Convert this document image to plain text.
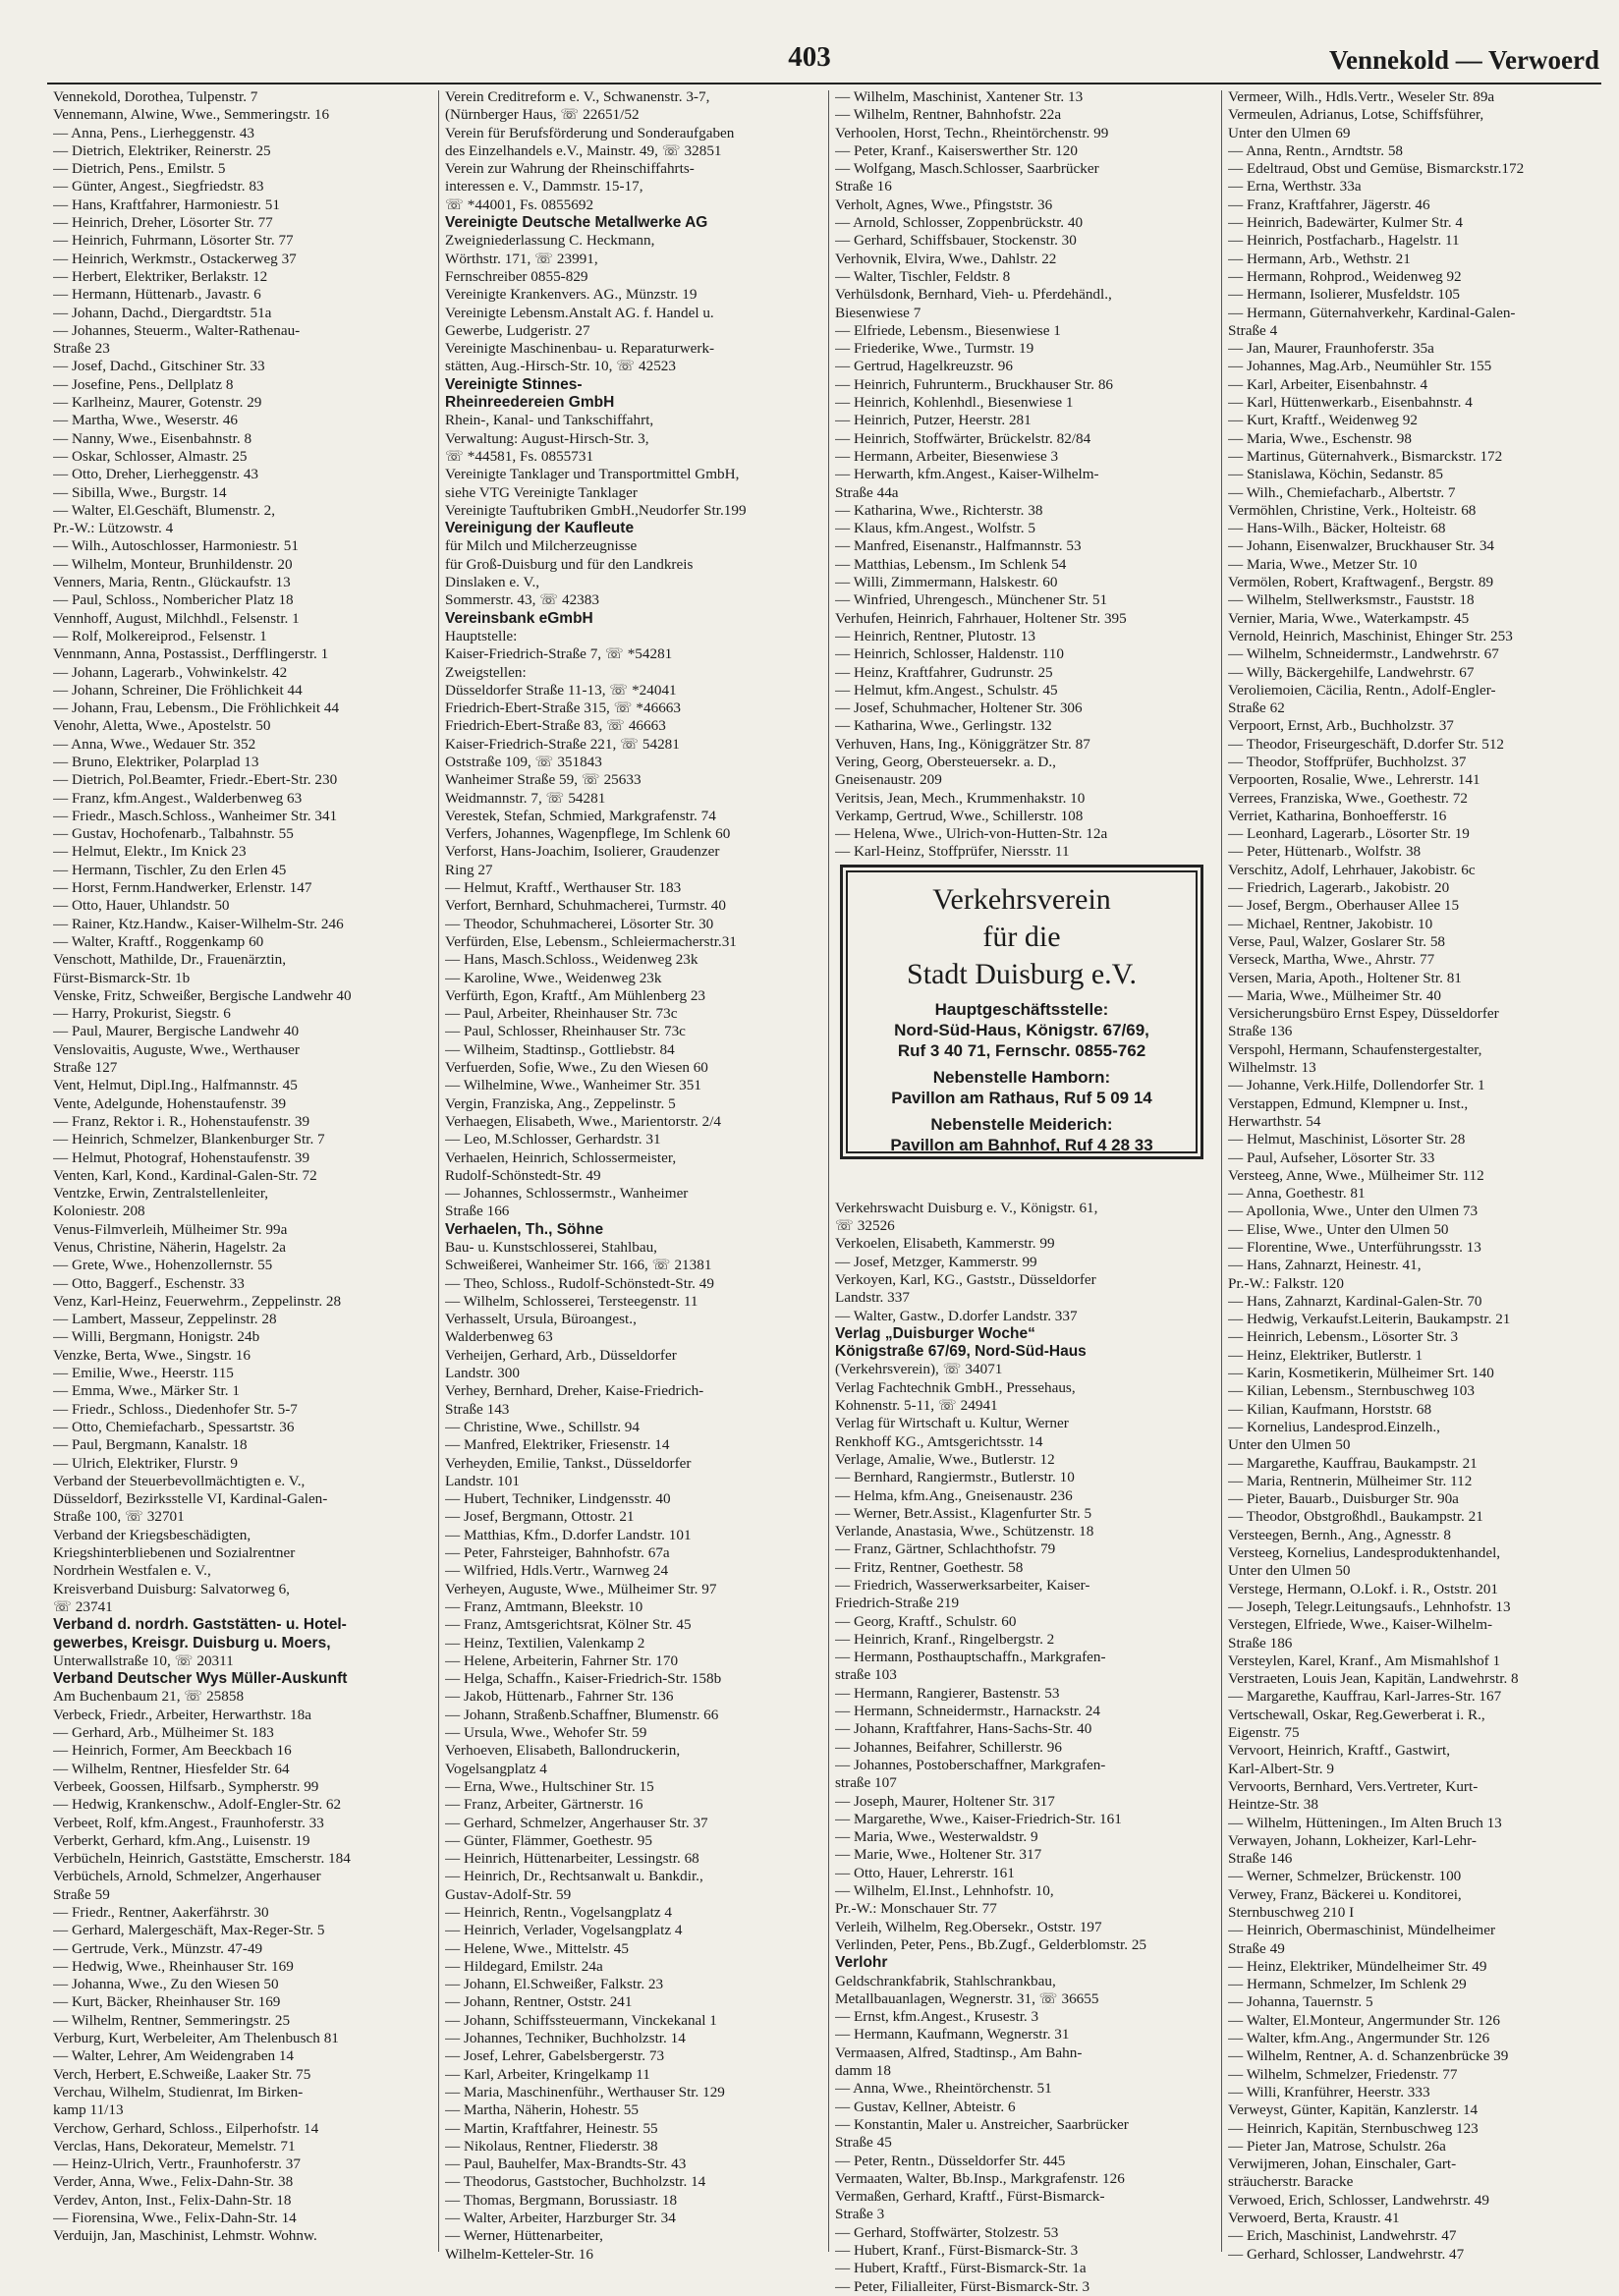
403	Vennekold — Verwoerd
Vennekold, Dorothea, Tulpenstr. 7
Vennemann, Alwine, Wwe., Semmeringstr. 16
— Anna, Pens., Lierheggenstr. 43
— Dietrich, Elektriker, Reinerstr. 25
— Dietrich, Pens., Emilstr. 5
— Günter, Angest., Siegfriedstr. 83
— Hans, Kraftfahrer, Harmoniestr. 51
— Heinrich, Dreher, Lösorter Str. 77
— Heinrich, Fuhrmann, Lösorter Str. 77
— Heinrich, Werkmstr., Ostackerweg 37
— Herbert, Elektriker, Berlakstr. 12
— Hermann, Hüttenarb., Javastr. 6
— Johann, Dachd., Diergardtstr. 51a
— Johannes, Steuerm., Walter-Rathenau-
Straße 23
— Josef, Dachd., Gitschiner Str. 33
— Josefine, Pens., Dellplatz 8
— Karlheinz, Maurer, Gotenstr. 29
— Martha, Wwe., Weserstr. 46
— Nanny, Wwe., Eisenbahnstr. 8
— Oskar, Schlosser, Almastr. 25
— Otto, Dreher, Lierheggenstr. 43
— Sibilla, Wwe., Burgstr. 14
— Walter, El.Geschäft, Blumenstr. 2,
Pr.-W.: Lützowstr. 4
— Wilh., Autoschlosser, Harmoniestr. 51
— Wilhelm, Monteur, Brunhildenstr. 20
Venners, Maria, Rentn., Glückaufstr. 13
— Paul, Schloss., Nombericher Platz 18
Vennhoff, August, Milchhdl., Felsenstr. 1
— Rolf, Molkereiprod., Felsenstr. 1
Vennmann, Anna, Postassist., Derfflingerstr. 1
— Johann, Lagerarb., Vohwinkelstr. 42
— Johann, Schreiner, Die Fröhlichkeit 44
— Johann, Frau, Lebensm., Die Fröhlichkeit 44
Venohr, Aletta, Wwe., Apostelstr. 50
— Anna, Wwe., Wedauer Str. 352
— Bruno, Elektriker, Polarplad 13
— Dietrich, Pol.Beamter, Friedr.-Ebert-Str. 230
— Franz, kfm.Angest., Walderbenweg 63
— Friedr., Masch.Schloss., Wanheimer Str. 341
— Gustav, Hochofenarb., Talbahnstr. 55
— Helmut, Elektr., Im Knick 23
— Hermann, Tischler, Zu den Erlen 45
— Horst, Fernm.Handwerker, Erlenstr. 147
— Otto, Hauer, Uhlandstr. 50
— Rainer, Ktz.Handw., Kaiser-Wilhelm-Str. 246
— Walter, Kraftf., Roggenkamp 60
Venschott, Mathilde, Dr., Frauenärztin,
Fürst-Bismarck-Str. 1b
Venske, Fritz, Schweißer, Bergische Landwehr 40
— Harry, Prokurist, Siegstr. 6
— Paul, Maurer, Bergische Landwehr 40
Venslovaitis, Auguste, Wwe., Werthauser
Straße 127
Vent, Helmut, Dipl.Ing., Halfmannstr. 45
Vente, Adelgunde, Hohenstaufenstr. 39
— Franz, Rektor i. R., Hohenstaufenstr. 39
— Heinrich, Schmelzer, Blankenburger Str. 7
— Helmut, Photograf, Hohenstaufenstr. 39
Venten, Karl, Kond., Kardinal-Galen-Str. 72
Ventzke, Erwin, Zentralstellenleiter,
Koloniestr. 208
Venus-Filmverleih, Mülheimer Str. 99a
Venus, Christine, Näherin, Hagelstr. 2a
— Grete, Wwe., Hohenzollernstr. 55
— Otto, Baggerf., Eschenstr. 33
Venz, Karl-Heinz, Feuerwehrm., Zeppelinstr. 28
— Lambert, Masseur, Zeppelinstr. 28
— Willi, Bergmann, Honigstr. 24b
Venzke, Berta, Wwe., Singstr. 16
— Emilie, Wwe., Heerstr. 115
— Emma, Wwe., Märker Str. 1
— Friedr., Schloss., Diedenhofer Str. 5-7
— Otto, Chemiefacharb., Spessartstr. 36
— Paul, Bergmann, Kanalstr. 18
— Ulrich, Elektriker, Flurstr. 9
Verband der Steuerbevollmächtigten e. V.,
Düsseldorf, Bezirksstelle VI, Kardinal-Galen-
Straße 100, ☏ 32701
Verband der Kriegsbeschädigten,
Kriegshinterbliebenen und Sozialrentner
Nordrhein Westfalen e. V.,
Kreisverband Duisburg: Salvatorweg 6,
☏ 23741
Verband d. nordrh. Gaststätten- u. Hotel-
gewerbes, Kreisgr. Duisburg u. Moers,
Unterwallstraße 10, ☏ 20311
Verband Deutscher Wys Müller-Auskunft
Am Buchenbaum 21, ☏ 25858
Verbeck, Friedr., Arbeiter, Herwarthstr. 18a
— Gerhard, Arb., Mülheimer St. 183
— Heinrich, Former, Am Beeckbach 16
— Wilhelm, Rentner, Hiesfelder Str. 64
Verbeek, Goossen, Hilfsarb., Sympherstr. 99
— Hedwig, Krankenschw., Adolf-Engler-Str. 62
Verbeet, Rolf, kfm.Angest., Fraunhoferstr. 33
Verberkt, Gerhard, kfm.Ang., Luisenstr. 19
Verbücheln, Heinrich, Gaststätte, Emscherstr. 184
Verbüchels, Arnold, Schmelzer, Angerhauser
Straße 59
— Friedr., Rentner, Aakerfährstr. 30
— Gerhard, Malergeschäft, Max-Reger-Str. 5
— Gertrude, Verk., Münzstr. 47-49
— Hedwig, Wwe., Rheinhauser Str. 169
— Johanna, Wwe., Zu den Wiesen 50
— Kurt, Bäcker, Rheinhauser Str. 169
— Wilhelm, Rentner, Semmeringstr. 25
Verburg, Kurt, Werbeleiter, Am Thelenbusch 81
— Walter, Lehrer, Am Weidengraben 14
Verch, Herbert, E.Schweiße, Laaker Str. 75
Verchau, Wilhelm, Studienrat, Im Birken-
kamp 11/13
Verchow, Gerhard, Schloss., Eilperhofstr. 14
Verclas, Hans, Dekorateur, Memelstr. 71
— Heinz-Ulrich, Vertr., Fraunhoferstr. 37
Verder, Anna, Wwe., Felix-Dahn-Str. 38
Verdev, Anton, Inst., Felix-Dahn-Str. 18
— Fiorensina, Wwe., Felix-Dahn-Str. 14
Verduijn, Jan, Maschinist, Lehmstr. Wohnw.
Verein Creditreform e. V., Schwanenstr. 3-7,
(Nürnberger Haus, ☏ 22651/52
Verein für Berufsförderung und Sonderaufgaben
des Einzelhandels e.V., Mainstr. 49, ☏ 32851
Verein zur Wahrung der Rheinschiffahrts-
interessen e. V., Dammstr. 15-17,
☏ *44001, Fs. 0855692
Vereinigte Deutsche Metallwerke AG
Zweigniederlassung C. Heckmann,
Wörthstr. 171, ☏ 23991,
Fernschreiber 0855-829
Vereinigte Krankenvers. AG., Münzstr. 19
Vereinigte Lebensm.Anstalt AG. f. Handel u.
Gewerbe, Ludgeristr. 27
Vereinigte Maschinenbau- u. Reparaturwerk-
stätten, Aug.-Hirsch-Str. 10, ☏ 42523
Vereinigte Stinnes-
Rheinreedereien GmbH
Rhein-, Kanal- und Tankschiffahrt,
Verwaltung: August-Hirsch-Str. 3,
☏ *44581, Fs. 0855731
Vereinigte Tanklager und Transportmittel GmbH,
siehe VTG Vereinigte Tanklager
Vereinigte Tauftubriken GmbH.,Neudorfer Str.199
Vereinigung der Kaufleute
für Milch und Milcherzeugnisse
für Groß-Duisburg und für den Landkreis
Dinslaken e. V.,
Sommerstr. 43, ☏ 42383
Vereinsbank eGmbH
Hauptstelle:
Kaiser-Friedrich-Straße 7, ☏ *54281
Zweigstellen:
Düsseldorfer Straße 11-13, ☏ *24041
Friedrich-Ebert-Straße 315, ☏ *46663
Friedrich-Ebert-Straße 83, ☏ 46663
Kaiser-Friedrich-Straße 221, ☏ 54281
Oststraße 109, ☏ 351843
Wanheimer Straße 59, ☏ 25633
Weidmannstr. 7, ☏ 54281
Verestek, Stefan, Schmied, Markgrafenstr. 74
Verfers, Johannes, Wagenpflege, Im Schlenk 60
Verforst, Hans-Joachim, Isolierer, Graudenzer
Ring 27
— Helmut, Kraftf., Werthauser Str. 183
Verfort, Bernhard, Schuhmacherei, Turmstr. 40
— Theodor, Schuhmacherei, Lösorter Str. 30
Verfürden, Else, Lebensm., Schleiermacherstr.31
— Hans, Masch.Schloss., Weidenweg 23k
— Karoline, Wwe., Weidenweg 23k
Verfürth, Egon, Kraftf., Am Mühlenberg 23
— Paul, Arbeiter, Rheinhauser Str. 73c
— Paul, Schlosser, Rheinhauser Str. 73c
— Wilheim, Stadtinsp., Gottliebstr. 84
Verfuerden, Sofie, Wwe., Zu den Wiesen 60
— Wilhelmine, Wwe., Wanheimer Str. 351
Vergin, Franziska, Ang., Zeppelinstr. 5
Verhaegen, Elisabeth, Wwe., Marientorstr. 2/4
— Leo, M.Schlosser, Gerhardstr. 31
Verhaelen, Heinrich, Schlossermeister,
Rudolf-Schönstedt-Str. 49
— Johannes, Schlossermstr., Wanheimer
Straße 166
Verhaelen, Th., Söhne
Bau- u. Kunstschlosserei, Stahlbau,
Schweißerei, Wanheimer Str. 166, ☏ 21381
— Theo, Schloss., Rudolf-Schönstedt-Str. 49
— Wilhelm, Schlosserei, Tersteegenstr. 11
Verhasselt, Ursula, Büroangest.,
Walderbenweg 63
Verheijen, Gerhard, Arb., Düsseldorfer
Landstr. 300
Verhey, Bernhard, Dreher, Kaise-Friedrich-
Straße 143
— Christine, Wwe., Schillstr. 94
— Manfred, Elektriker, Friesenstr. 14
Verheyden, Emilie, Tankst., Düsseldorfer
Landstr. 101
— Hubert, Techniker, Lindgensstr. 40
— Josef, Bergmann, Ottostr. 21
— Matthias, Kfm., D.dorfer Landstr. 101
— Peter, Fahrsteiger, Bahnhofstr. 67a
— Wilfried, Hdls.Vertr., Warnweg 24
Verheyen, Auguste, Wwe., Mülheimer Str. 97
— Franz, Amtmann, Bleekstr. 10
— Franz, Amtsgerichtsrat, Kölner Str. 45
— Heinz, Textilien, Valenkamp 2
— Helene, Arbeiterin, Fahrner Str. 170
— Helga, Schaffn., Kaiser-Friedrich-Str. 158b
— Jakob, Hüttenarb., Fahrner Str. 136
— Johann, Straßenb.Schaffner, Blumenstr. 66
— Ursula, Wwe., Wehofer Str. 59
Verhoeven, Elisabeth, Ballondruckerin,
Vogelsangplatz 4
— Erna, Wwe., Hultschiner Str. 15
— Franz, Arbeiter, Gärtnerstr. 16
— Gerhard, Schmelzer, Angerhauser Str. 37
— Günter, Flämmer, Goethestr. 95
— Heinrich, Hüttenarbeiter, Lessingstr. 68
— Heinrich, Dr., Rechtsanwalt u. Bankdir.,
Gustav-Adolf-Str. 59
— Heinrich, Rentn., Vogelsangplatz 4
— Heinrich, Verlader, Vogelsangplatz 4
— Helene, Wwe., Mittelstr. 45
— Hildegard, Emilstr. 24a
— Johann, El.Schweißer, Falkstr. 23
— Johann, Rentner, Oststr. 241
— Johann, Schiffssteuermann, Vinckekanal 1
— Johannes, Techniker, Buchholzstr. 14
— Josef, Lehrer, Gabelsbergerstr. 73
— Karl, Arbeiter, Kringelkamp 11
— Maria, Maschinenführ., Werthauser Str. 129
— Martha, Näherin, Hohestr. 55
— Martin, Kraftfahrer, Heinestr. 55
— Nikolaus, Rentner, Fliederstr. 38
— Paul, Bauhelfer, Max-Brandts-Str. 43
— Theodorus, Gaststocher, Buchholzstr. 14
— Thomas, Bergmann, Borussiastr. 18
— Walter, Arbeiter, Harzburger Str. 34
— Werner, Hüttenarbeiter,
Wilhelm-Ketteler-Str. 16
— Wilhelm, Maschinist, Xantener Str. 13
— Wilhelm, Rentner, Bahnhofstr. 22a
Verhoolen, Horst, Techn., Rheintörchenstr. 99
— Peter, Kranf., Kaiserswerther Str. 120
— Wolfgang, Masch.Schlosser, Saarbrücker
Straße 16
Verholt, Agnes, Wwe., Pfingststr. 36
— Arnold, Schlosser, Zoppenbrückstr. 40
— Gerhard, Schiffsbauer, Stockenstr. 30
Verhovnik, Elvira, Wwe., Dahlstr. 22
— Walter, Tischler, Feldstr. 8
Verhülsdonk, Bernhard, Vieh- u. Pferdehändl.,
Biesenwiese 7
— Elfriede, Lebensm., Biesenwiese 1
— Friederike, Wwe., Turmstr. 19
— Gertrud, Hagelkreuzstr. 96
— Heinrich, Fuhrunterm., Bruckhauser Str. 86
— Heinrich, Kohlenhdl., Biesenwiese 1
— Heinrich, Putzer, Heerstr. 281
— Heinrich, Stoffwärter, Brückelstr. 82/84
— Hermann, Arbeiter, Biesenwiese 3
— Herwarth, kfm.Angest., Kaiser-Wilhelm-
Straße 44a
— Katharina, Wwe., Richterstr. 38
— Klaus, kfm.Angest., Wolfstr. 5
— Manfred, Eisenanstr., Halfmannstr. 53
— Matthias, Lebensm., Im Schlenk 54
— Willi, Zimmermann, Halskestr. 60
— Winfried, Uhrengesch., Münchener Str. 51
Verhufen, Heinrich, Fahrhauer, Holtener Str. 395
— Heinrich, Rentner, Plutostr. 13
— Heinrich, Schlosser, Haldenstr. 110
— Heinz, Kraftfahrer, Gudrunstr. 25
— Helmut, kfm.Angest., Schulstr. 45
— Josef, Schuhmacher, Holtener Str. 306
— Katharina, Wwe., Gerlingstr. 132
Verhuven, Hans, Ing., Königgrätzer Str. 87
Vering, Georg, Obersteuersekr. a. D.,
Gneisenaustr. 209
Veritsis, Jean, Mech., Krummenhakstr. 10
Verkamp, Gertrud, Wwe., Schillerstr. 108
— Helena, Wwe., Ulrich-von-Hutten-Str. 12a
— Karl-Heinz, Stoffprüfer, Niersstr. 11
Verkehrswacht Duisburg e. V., Königstr. 61,
☏ 32526
Verkoelen, Elisabeth, Kammerstr. 99
— Josef, Metzger, Kammerstr. 99
Verkoyen, Karl, KG., Gaststr., Düsseldorfer
Landstr. 337
— Walter, Gastw., D.dorfer Landstr. 337
Verlag „Duisburger Woche“
Königstraße 67/69, Nord-Süd-Haus
(Verkehrsverein), ☏ 34071
Verlag Fachtechnik GmbH., Pressehaus,
Kohnenstr. 5-11, ☏ 24941
Verlag für Wirtschaft u. Kultur, Werner
Renkhoff KG., Amtsgerichtsstr. 14
Verlage, Amalie, Wwe., Butlerstr. 12
— Bernhard, Rangiermstr., Butlerstr. 10
— Helma, kfm.Ang., Gneisenaustr. 236
— Werner, Betr.Assist., Klagenfurter Str. 5
Verlande, Anastasia, Wwe., Schützenstr. 18
— Franz, Gärtner, Schlachthofstr. 79
— Fritz, Rentner, Goethestr. 58
— Friedrich, Wasserwerksarbeiter, Kaiser-
Friedrich-Straße 219
— Georg, Kraftf., Schulstr. 60
— Heinrich, Kranf., Ringelbergstr. 2
— Hermann, Posthauptschaffn., Markgrafen-
straße 103
— Hermann, Rangierer, Bastenstr. 53
— Hermann, Schneidermstr., Harnackstr. 24
— Johann, Kraftfahrer, Hans-Sachs-Str. 40
— Johannes, Beifahrer, Schillerstr. 96
— Johannes, Postoberschaffner, Markgrafen-
straße 107
— Joseph, Maurer, Holtener Str. 317
— Margarethe, Wwe., Kaiser-Friedrich-Str. 161
— Maria, Wwe., Westerwaldstr. 9
— Marie, Wwe., Holtener Str. 317
— Otto, Hauer, Lehrerstr. 161
— Wilhelm, El.Inst., Lehnhofstr. 10,
Pr.-W.: Monschauer Str. 77
Verleih, Wilhelm, Reg.Obersekr., Oststr. 197
Verlinden, Peter, Pens., Bb.Zugf., Gelderblomstr. 25
Verlohr
Geldschrankfabrik, Stahlschrankbau,
Metallbauanlagen, Wegnerstr. 31, ☏ 36655
— Ernst, kfm.Angest., Krusestr. 3
— Hermann, Kaufmann, Wegnerstr. 31
Vermaasen, Alfred, Stadtinsp., Am Bahn-
damm 18
— Anna, Wwe., Rheintörchenstr. 51
— Gustav, Kellner, Abteistr. 6
— Konstantin, Maler u. Anstreicher, Saarbrücker
Straße 45
— Peter, Rentn., Düsseldorfer Str. 445
Vermaaten, Walter, Bb.Insp., Markgrafenstr. 126
Vermaßen, Gerhard, Kraftf., Fürst-Bismarck-
Straße 3
— Gerhard, Stoffwärter, Stolzestr. 53
— Hubert, Kranf., Fürst-Bismarck-Str. 3
— Hubert, Kraftf., Fürst-Bismarck-Str. 1a
— Peter, Filialleiter, Fürst-Bismarck-Str. 3
Vermeer, Wilh., Hdls.Vertr., Weseler Str. 89a
Vermeulen, Adrianus, Lotse, Schiffsführer,
Unter den Ulmen 69
— Anna, Rentn., Arndtstr. 58
— Edeltraud, Obst und Gemüse, Bismarckstr.172
— Erna, Werthstr. 33a
— Franz, Kraftfahrer, Jägerstr. 46
— Heinrich, Badewärter, Kulmer Str. 4
— Heinrich, Postfacharb., Hagelstr. 11
— Hermann, Arb., Wethstr. 21
— Hermann, Rohprod., Weidenweg 92
— Hermann, Isolierer, Musfeldstr. 105
— Hermann, Güternahverkehr, Kardinal-Galen-
Straße 4
— Jan, Maurer, Fraunhoferstr. 35a
— Johannes, Mag.Arb., Neumühler Str. 155
— Karl, Arbeiter, Eisenbahnstr. 4
— Karl, Hüttenwerkarb., Eisenbahnstr. 4
— Kurt, Kraftf., Weidenweg 92
— Maria, Wwe., Eschenstr. 98
— Martinus, Güternahverk., Bismarckstr. 172
— Stanislawa, Köchin, Sedanstr. 85
— Wilh., Chemiefacharb., Albertstr. 7
Vermöhlen, Christine, Verk., Holteistr. 68
— Hans-Wilh., Bäcker, Holteistr. 68
— Johann, Eisenwalzer, Bruckhauser Str. 34
— Maria, Wwe., Metzer Str. 10
Vermölen, Robert, Kraftwagenf., Bergstr. 89
— Wilhelm, Stellwerksmstr., Fauststr. 18
Vernier, Maria, Wwe., Waterkampstr. 45
Vernold, Heinrich, Maschinist, Ehinger Str. 253
— Wilhelm, Schneidermstr., Landwehrstr. 67
— Willy, Bäckergehilfe, Landwehrstr. 67
Veroliemoien, Cäcilia, Rentn., Adolf-Engler-
Straße 62
Verpoort, Ernst, Arb., Buchholzstr. 37
— Theodor, Friseurgeschäft, D.dorfer Str. 512
— Theodor, Stoffprüfer, Buchholzst. 37
Verpoorten, Rosalie, Wwe., Lehrerstr. 141
Verrees, Franziska, Wwe., Goethestr. 72
Verriet, Katharina, Bonhoefferstr. 16
— Leonhard, Lagerarb., Lösorter Str. 19
— Peter, Hüttenarb., Wolfstr. 38
Verschitz, Adolf, Lehrhauer, Jakobistr. 6c
— Friedrich, Lagerarb., Jakobistr. 20
— Josef, Bergm., Oberhauser Allee 15
— Michael, Rentner, Jakobistr. 10
Verse, Paul, Walzer, Goslarer Str. 58
Verseck, Martha, Wwe., Ahrstr. 77
Versen, Maria, Apoth., Holtener Str. 81
— Maria, Wwe., Mülheimer Str. 40
Versicherungsbüro Ernst Espey, Düsseldorfer
Straße 136
Verspohl, Hermann, Schaufenstergestalter,
Wilhelmstr. 13
— Johanne, Verk.Hilfe, Dollendorfer Str. 1
Verstappen, Edmund, Klempner u. Inst.,
Herwarthstr. 54
— Helmut, Maschinist, Lösorter Str. 28
— Paul, Aufseher, Lösorter Str. 33
Versteeg, Anne, Wwe., Mülheimer Str. 112
— Anna, Goethestr. 81
— Apollonia, Wwe., Unter den Ulmen 73
— Elise, Wwe., Unter den Ulmen 50
— Florentine, Wwe., Unterführungsstr. 13
— Hans, Zahnarzt, Heinestr. 41,
Pr.-W.: Falkstr. 120
— Hans, Zahnarzt, Kardinal-Galen-Str. 70
— Hedwig, Verkaufst.Leiterin, Baukampstr. 21
— Heinrich, Lebensm., Lösorter Str. 3
— Heinz, Elektriker, Butlerstr. 1
— Karin, Kosmetikerin, Mülheimer Srt. 140
— Kilian, Lebensm., Sternbuschweg 103
— Kilian, Kaufmann, Horststr. 68
— Kornelius, Landesprod.Einzelh.,
Unter den Ulmen 50
— Margarethe, Kauffrau, Baukampstr. 21
— Maria, Rentnerin, Mülheimer Str. 112
— Pieter, Bauarb., Duisburger Str. 90a
— Theodor, Obstgroßhdl., Baukampstr. 21
Versteegen, Bernh., Ang., Agnesstr. 8
Versteeg, Kornelius, Landesproduktenhandel,
Unter den Ulmen 50
Verstege, Hermann, O.Lokf. i. R., Oststr. 201
— Joseph, Telegr.Leitungsaufs., Lehnhofstr. 13
Verstegen, Elfriede, Wwe., Kaiser-Wilhelm-
Straße 186
Versteylen, Karel, Kranf., Am Mismahlshof 1
Verstraeten, Louis Jean, Kapitän, Landwehrstr. 8
— Margarethe, Kauffrau, Karl-Jarres-Str. 167
Vertschewall, Oskar, Reg.Gewerberat i. R.,
Eigenstr. 75
Vervoort, Heinrich, Kraftf., Gastwirt,
Karl-Albert-Str. 9
Vervoorts, Bernhard, Vers.Vertreter, Kurt-
Heintze-Str. 38
— Wilhelm, Hütteningen., Im Alten Bruch 13
Verwayen, Johann, Lokheizer, Karl-Lehr-
Straße 146
— Werner, Schmelzer, Brückenstr. 100
Verwey, Franz, Bäckerei u. Konditorei,
Sternbuschweg 210 I
— Heinrich, Obermaschinist, Mündelheimer
Straße 49
— Heinz, Elektriker, Mündelheimer Str. 49
— Hermann, Schmelzer, Im Schlenk 29
— Johanna, Tauernstr. 5
— Walter, El.Monteur, Angermunder Str. 126
— Walter, kfm.Ang., Angermunder Str. 126
— Wilhelm, Rentner, A. d. Schanzenbrücke 39
— Wilhelm, Schmelzer, Friedenstr. 77
— Willi, Kranführer, Heerstr. 333
Verweyst, Günter, Kapitän, Kanzlerstr. 14
— Heinrich, Kapitän, Sternbuschweg 123
— Pieter Jan, Matrose, Schulstr. 26a
Verwijmeren, Johan, Einschaler, Gart-
sträucherstr. Baracke
Verwoed, Erich, Schlosser, Landwehrstr. 49
Verwoerd, Berta, Kraustr. 41
— Erich, Maschinist, Landwehrstr. 47
— Gerhard, Schlosser, Landwehrstr. 47
Verkehrsverein
für die
Stadt Duisburg e.V.
Hauptgeschäftsstelle:
Nord-Süd-Haus, Königstr. 67/69,
Ruf 3 40 71, Fernschr. 0855-762
Nebenstelle Hamborn:
Pavillon am Rathaus, Ruf 5 09 14
Nebenstelle Meiderich:
Pavillon am Bahnhof, Ruf 4 28 33
